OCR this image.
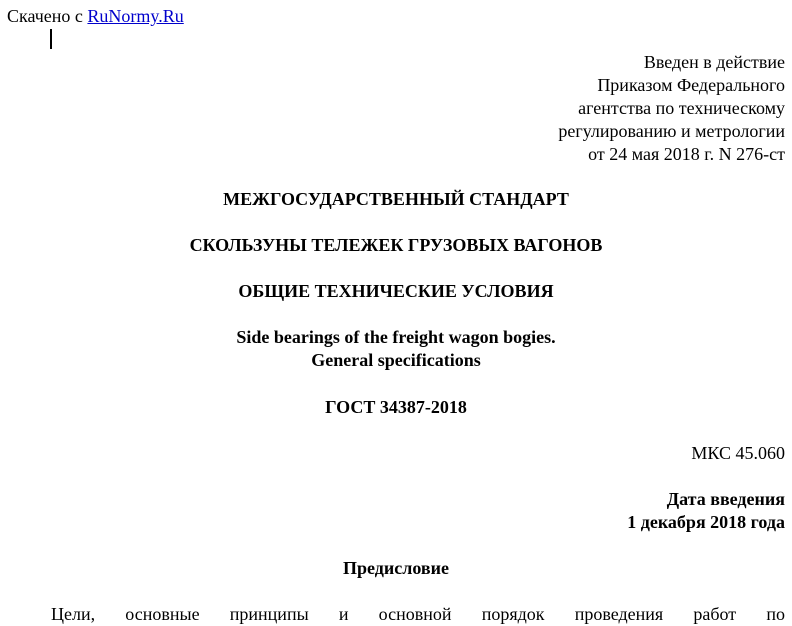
Скачено с RuNormy.Ru
Введен в действие
Приказом Федерального
агентства по техническому
регулированию и метрологии
от 24 мая 2018 г. N 276-ст
МЕЖГОСУДАРСТВЕННЫЙ СТАНДАРТ
СКОЛЬЗУНЫ ТЕЛЕЖЕК ГРУЗОВЫХ ВАГОНОВ
ОБЩИЕ ТЕХНИЧЕСКИЕ УСЛОВИЯ
Side bearings of the freight wagon bogies.
General specifications
ГОСТ 34387-2018
МКС 45.060
Дата введения
1 декабря 2018 года
Предисловие
Цели, основные принципы и основной порядок проведения работ по
